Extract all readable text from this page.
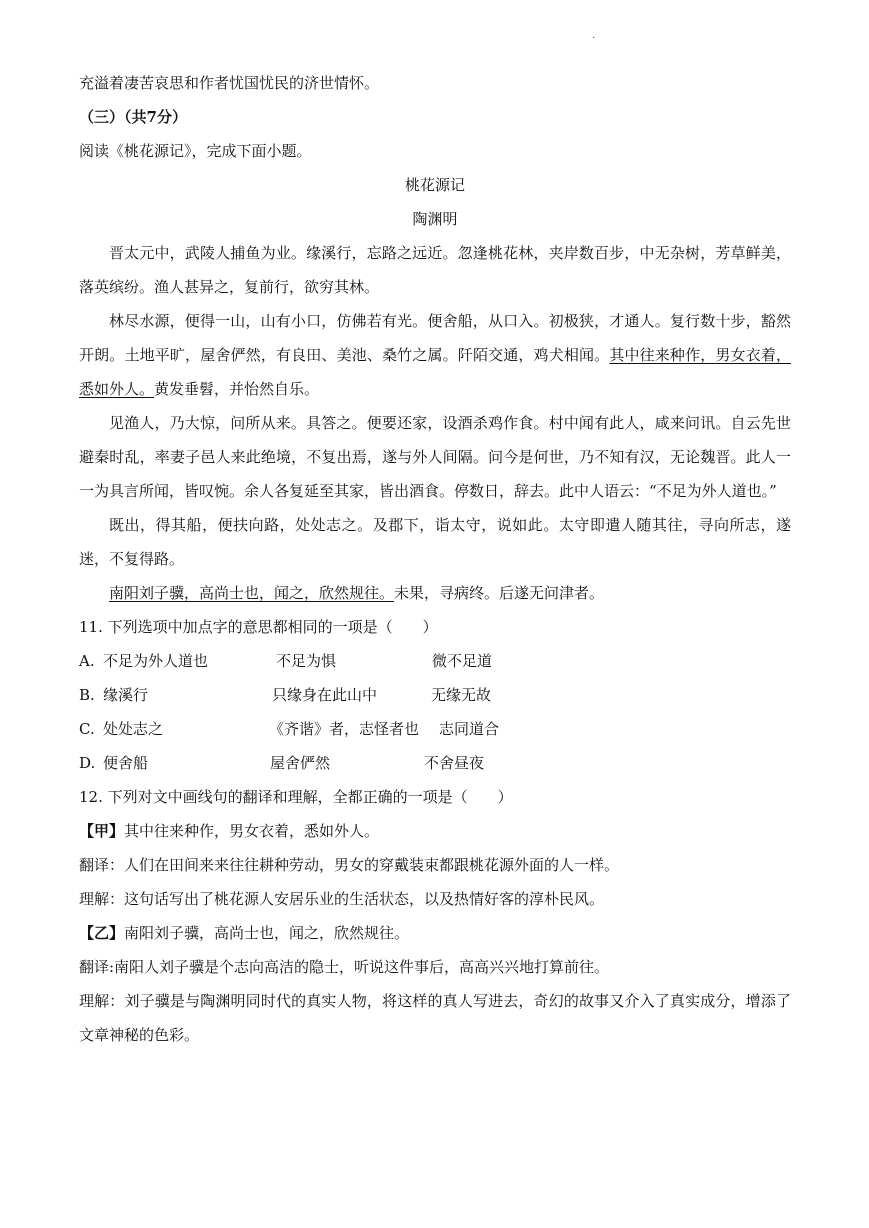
.
充溢着凄苦哀思和作者忧国忧民的济世情怀。
（三）（共7分）
阅读《桃花源记》，完成下面小题。
桃花源记
陶渊明
晋太元中，武陵人捕鱼为业。缘溪行，忘路之远近。忽逢桃花林，夹岸数百步，中无杂树，芳草鲜美，落英缤纷。渔人甚异之，复前行，欲穷其林。
林尽水源，便得一山，山有小口，仿佛若有光。便舍船，从口入。初极狭，才通人。复行数十步，豁然开朗。土地平旷，屋舍俨然，有良田、美池、桑竹之属。阡陌交通，鸡犬相闻。其中往来种作，男女衣着，悉如外人。黄发垂髫，并怡然自乐。
见渔人，乃大惊，问所从来。具答之。便要还家，设酒杀鸡作食。村中闻有此人，咸来问讯。自云先世避秦时乱，率妻子邑人来此绝境，不复出焉，遂与外人间隔。问今是何世，乃不知有汉，无论魏晋。此人一一为具言所闻，皆叹惋。余人各复延至其家，皆出酒食。停数日，辞去。此中人语云：“不足为外人道也。”
既出，得其船，便扶向路，处处志之。及郡下，诣太守，说如此。太守即遣人随其往，寻向所志，遂迷，不复得路。
南阳刘子骥，高尚士也，闻之，欣然规往。未果，寻病终。后遂无问津者。
11. 下列选项中加点字的意思都相同的一项是（　　）
A. 不足为外人道也	不足为惧	微不足道
B. 缘溪行	只缘身在此山中	无缘无故
C. 处处志之	《齐谐》者，志怪者也 志同道合
D. 便舍船	屋舍俨然	不舍昼夜
12. 下列对文中画线句的翻译和理解，全都正确的一项是（　　）
【甲】其中往来种作，男女衣着，悉如外人。
翻译：人们在田间来来往往耕种劳动，男女的穿戴装束都跟桃花源外面的人一样。
理解：这句话写出了桃花源人安居乐业的生活状态，以及热情好客的淳朴民风。
【乙】南阳刘子骥，高尚士也，闻之，欣然规往。
翻译:南阳人刘子骥是个志向高洁的隐士，听说这件事后，高高兴兴地打算前往。
理解：刘子骥是与陶渊明同时代的真实人物，将这样的真人写进去，奇幻的故事又介入了真实成分，增添了文章神秘的色彩。
